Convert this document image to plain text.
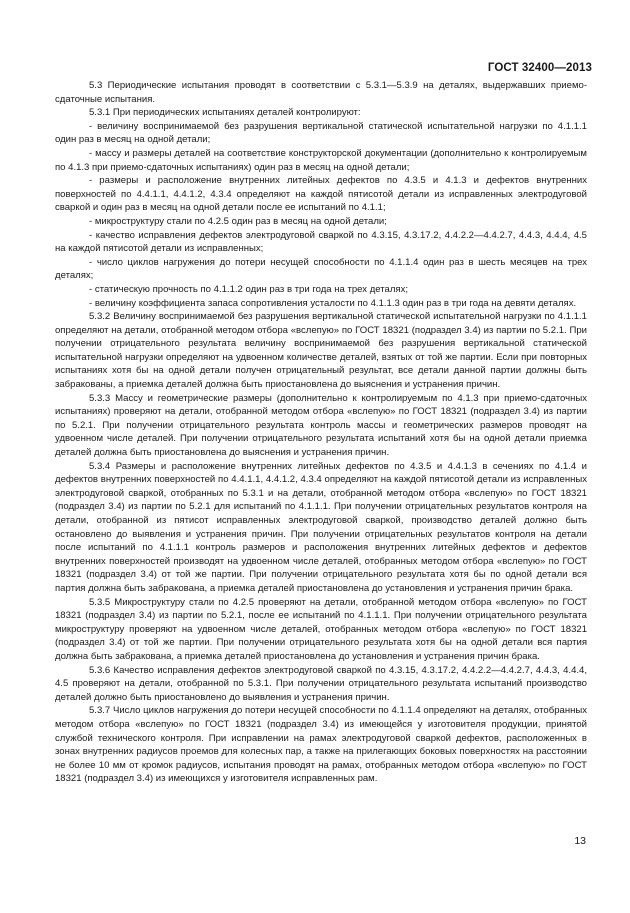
ГОСТ 32400—2013

5.3 Периодические испытания проводят в соответствии с 5.3.1—5.3.9 на деталях, выдержавших приемо-сдаточные испытания.

5.3.1 При периодических испытаниях деталей контролируют:

- величину воспринимаемой без разрушения вертикальной статической испытательной нагрузки по 4.1.1.1 один раз в месяц на одной детали;

- массу и размеры деталей на соответствие конструкторской документации (дополнительно к контролируемым по 4.1.3 при приемо-сдаточных испытаниях) один раз в месяц на одной детали;

- размеры и расположение внутренних литейных дефектов по 4.3.5 и 4.1.3 и дефектов внутренних поверхностей по 4.4.1.1, 4.4.1.2, 4.3.4 определяют на каждой пятисотой детали из исправленных электродуговой сваркой и один раз в месяц на одной детали после ее испытаний по 4.1.1;

- микроструктуру стали по 4.2.5 один раз в месяц на одной детали;

- качество исправления дефектов электродуговой сваркой по 4.3.15, 4.3.17.2, 4.4.2.2—4.4.2.7, 4.4.3, 4.4.4, 4.5 на каждой пятисотой детали из исправленных;

- число циклов нагружения до потери несущей способности по 4.1.1.4 один раз в шесть месяцев на трех деталях;

- статическую прочность по 4.1.1.2 один раз в три года на трех деталях;

- величину коэффициента запаса сопротивления усталости по 4.1.1.3 один раз в три года на девяти деталях.

5.3.2 Величину воспринимаемой без разрушения вертикальной статической испытательной нагрузки по 4.1.1.1 определяют на детали, отобранной методом отбора «вслепую» по ГОСТ 18321 (подраздел 3.4) из партии по 5.2.1. При получении отрицательного результата величину воспринимаемой без разрушения вертикальной статической испытательной нагрузки определяют на удвоенном количестве деталей, взятых от той же партии. Если при повторных испытаниях хотя бы на одной детали получен отрицательный результат, все детали данной партии должны быть забракованы, а приемка деталей должна быть приостановлена до выяснения и устранения причин.

5.3.3 Массу и геометрические размеры (дополнительно к контролируемым по 4.1.3 при приемо-сдаточных испытаниях) проверяют на детали, отобранной методом отбора «вслепую» по ГОСТ 18321 (подраздел 3.4) из партии по 5.2.1. При получении отрицательного результата контроль массы и геометрических размеров проводят на удвоенном числе деталей. При получении отрицательного результата испытаний хотя бы на одной детали приемка деталей должна быть приостановлена до выяснения и устранения причин.

5.3.4 Размеры и расположение внутренних литейных дефектов по 4.3.5 и 4.4.1.3 в сечениях по 4.1.4 и дефектов внутренних поверхностей по 4.4.1.1, 4.4.1.2, 4.3.4 определяют на каждой пятисотой детали из исправленных электродуговой сваркой, отобранных по 5.3.1 и на детали, отобранной методом отбора «вслепую» по ГОСТ 18321 (подраздел 3.4) из партии по 5.2.1 для испытаний по 4.1.1.1. При получении отрицательных результатов контроля на детали, отобранной из пятисот исправленных электродуговой сваркой, производство деталей должно быть остановлено до выявления и устранения причин. При получении отрицательных результатов контроля на детали после испытаний по 4.1.1.1 контроль размеров и расположения внутренних литейных дефектов и дефектов внутренних поверхностей производят на удвоенном числе деталей, отобранных методом отбора «вслепую» по ГОСТ 18321 (подраздел 3.4) от той же партии. При получении отрицательного результата хотя бы по одной детали вся партия должна быть забракована, а приемка деталей приостановлена до установления и устранения причин брака.

5.3.5 Микроструктуру стали по 4.2.5 проверяют на детали, отобранной методом отбора «вслепую» по ГОСТ 18321 (подраздел 3.4) из партии по 5.2.1, после ее испытаний по 4.1.1.1. При получении отрицательного результата микроструктуру проверяют на удвоенном числе деталей, отобранных методом отбора «вслепую» по ГОСТ 18321 (подраздел 3.4) от той же партии. При получении отрицательного результата хотя бы на одной детали вся партия должна быть забракована, а приемка деталей приостановлена до установления и устранения причин брака.

5.3.6 Качество исправления дефектов электродуговой сваркой по 4.3.15, 4.3.17.2, 4.4.2.2—4.4.2.7, 4.4.3, 4.4.4, 4.5 проверяют на детали, отобранной по 5.3.1. При получении отрицательного результата испытаний производство деталей должно быть приостановлено до выявления и устранения причин.

5.3.7 Число циклов нагружения до потери несущей способности по 4.1.1.4 определяют на деталях, отобранных методом отбора «вслепую» по ГОСТ 18321 (подраздел 3.4) из имеющейся у изготовителя продукции, принятой службой технического контроля. При исправлении на рамах электродуговой сваркой дефектов, расположенных в зонах внутренних радиусов проемов для колесных пар, а также на прилегающих боковых поверхностях на расстоянии не более 10 мм от кромок радиусов, испытания проводят на рамах, отобранных методом отбора «вслепую» по ГОСТ 18321 (подраздел 3.4) из имеющихся у изготовителя исправленных рам.

13
